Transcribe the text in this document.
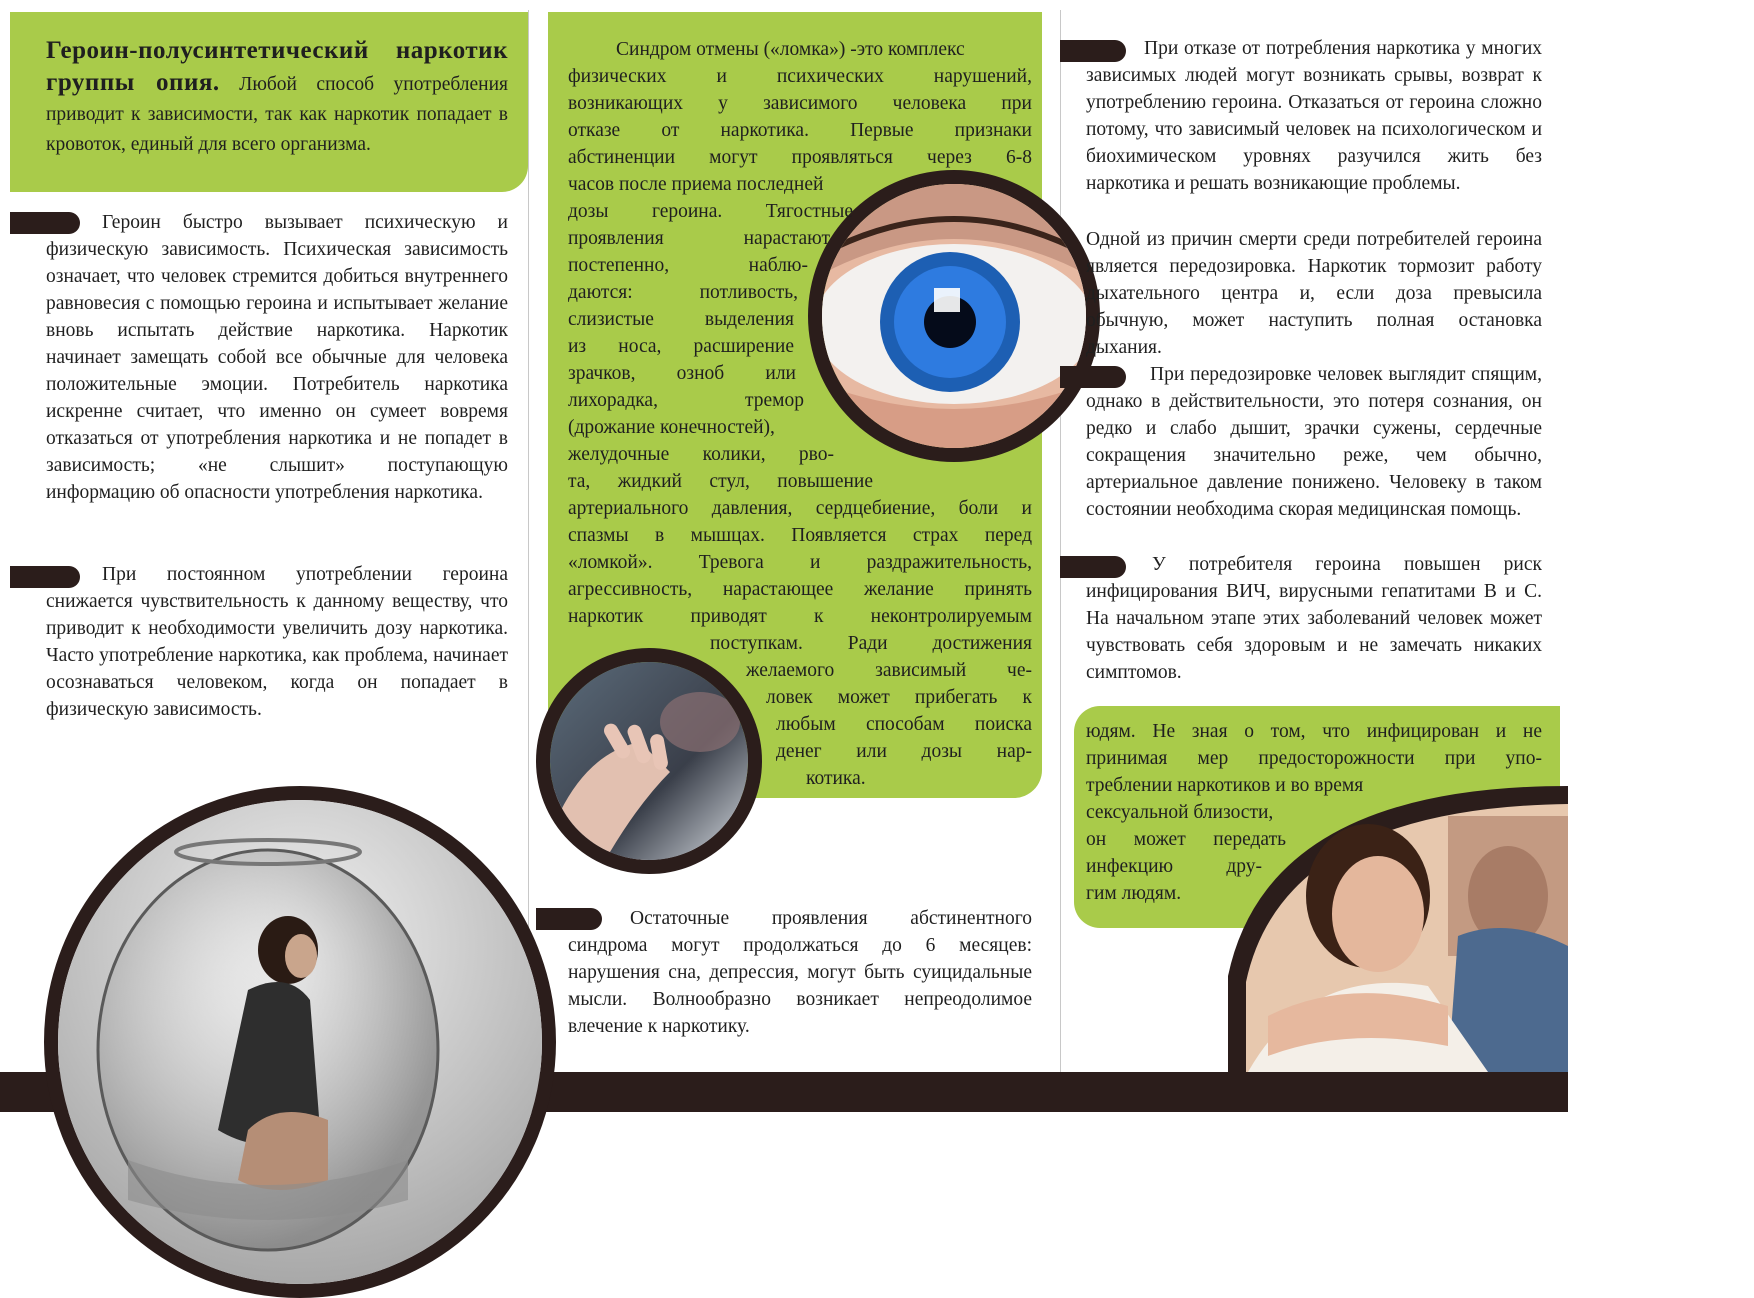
Героин-полусинтетический наркотик группы опия. Любой способ употребления приводит к зависимости, так как наркотик попадает в кровоток, единый для всего организма.
Героин быстро вызывает психическую и физическую зависимость. Психическая зависимость означает, что человек стремится добиться внутреннего равновесия с помощью героина и испытывает желание вновь испытать действие наркотика. Наркотик начинает замещать собой все обычные для человека положительные эмоции. Потребитель наркотика искренне считает, что именно он сумеет вовремя отказаться от употребления наркотика и не попадет в зависимость; «не слышит» поступающую информацию об опасности употребления наркотика.
При постоянном употреблении героина снижается чувствительность к данному веществу, что приводит к необходимости увеличить дозу наркотика. Часто употребление наркотика, как проблема, начинает осознаваться человеком, когда он попадает в физическую зависимость.
Синдром отмены («ломка») -это комплекс
физических и психических нарушений,
возникающих у зависимого человека при
отказе от наркотика. Первые признаки
абстиненции могут проявляться через 6-8
часов после приема последней
дозы героина. Тягостные
проявления нарастают
постепенно, наблю-
даются: потливость,
слизистые выделения
из носа, расширение
зрачков, озноб или
лихорадка, тремор
(дрожание конечностей),
желудочные колики, рво-
та, жидкий стул, повышение
артериального давления, сердцебиение, боли и
спазмы в мышцах. Появляется страх перед
«ломкой». Тревога и раздражительность,
агрессивность, нарастающее желание принять
наркотик приводят к неконтролируемым
поступкам. Ради достижения
желаемого зависимый че-
ловек может прибегать к
любым способам поиска
денег или дозы нар-
котика.
Остаточные проявления абстинентного синдрома могут продолжаться до 6 месяцев: нарушения сна, депрессия, могут быть суицидальные мысли. Волнообразно возникает непреодолимое влечение к наркотику.
При отказе от потребления наркотика у многих зависимых людей могут возникать срывы, возврат к употреблению героина. Отказаться от героина сложно потому, что зависимый человек на психологическом и биохимическом уровнях разучился жить без наркотика и решать возникающие проблемы.
Одной из причин смерти среди потребителей героина является передозировка. Наркотик тормозит работу дыхательного центра и, если доза превысила обычную, может наступить полная остановка дыхания.
При передозировке человек выглядит спящим, однако в действительности, это потеря сознания, он редко и слабо дышит, зрачки сужены, сердечные сокращения значительно реже, чем обычно, артериальное давление понижено. Человеку в таком состоянии необходима скорая медицинская помощь.
У потребителя героина повышен риск инфицирования ВИЧ, вирусными гепатитами В и С. На начальном этапе этих заболеваний человек может чувствовать себя здоровым и не замечать никаких симптомов.
юдям. Не зная о том, что инфицирован и не
принимая мер предосторожности при упо-
треблении наркотиков и во время
сексуальной близости,
он может передать
инфекцию дру-
гим людям.
